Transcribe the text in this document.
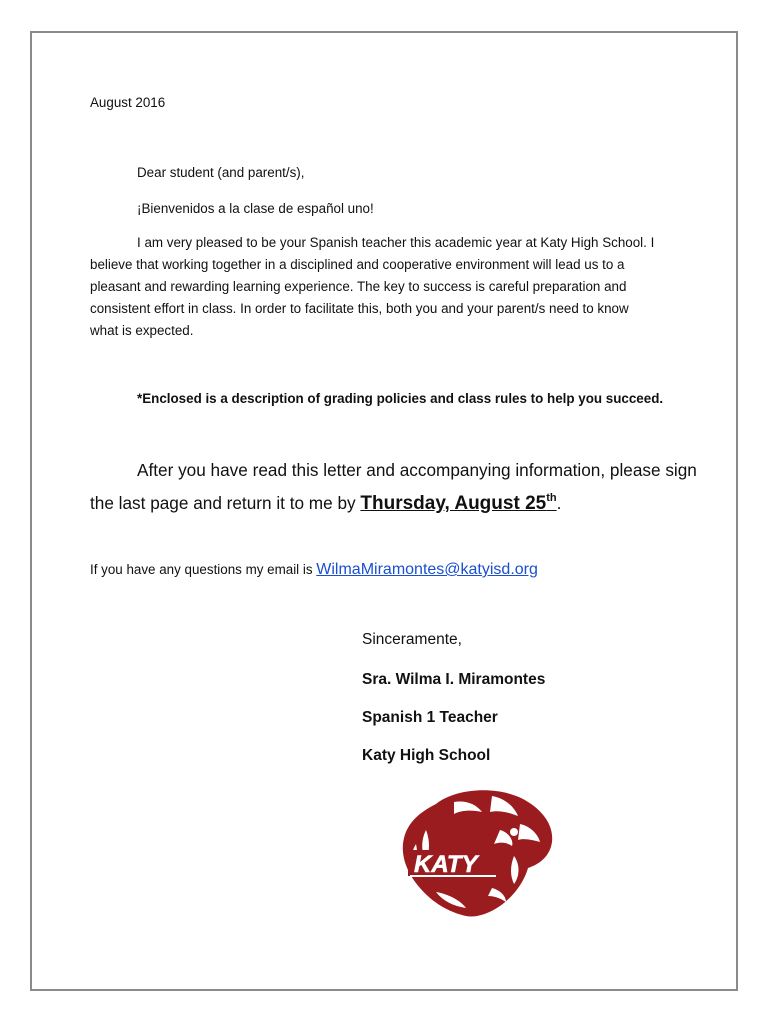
August 2016
Dear student (and parent/s),
¡Bienvenidos a la clase de español uno!
I am very pleased to be your Spanish teacher this academic year at Katy High School. I
believe that working together in a disciplined and cooperative environment will lead us to a
pleasant and rewarding learning experience. The key to success is careful preparation and
consistent effort in class. In order to facilitate this, both you and your parent/s need to know
what is expected.
*Enclosed is a description of grading policies and class rules to help you succeed.
After you have read this letter and accompanying information, please sign
the last page and return it to me by Thursday, August 25th.
If you have any questions my email is WilmaMiramontes@katyisd.org
Sinceramente,
Sra. Wilma I. Miramontes
Spanish 1 Teacher
Katy High School
KATY
